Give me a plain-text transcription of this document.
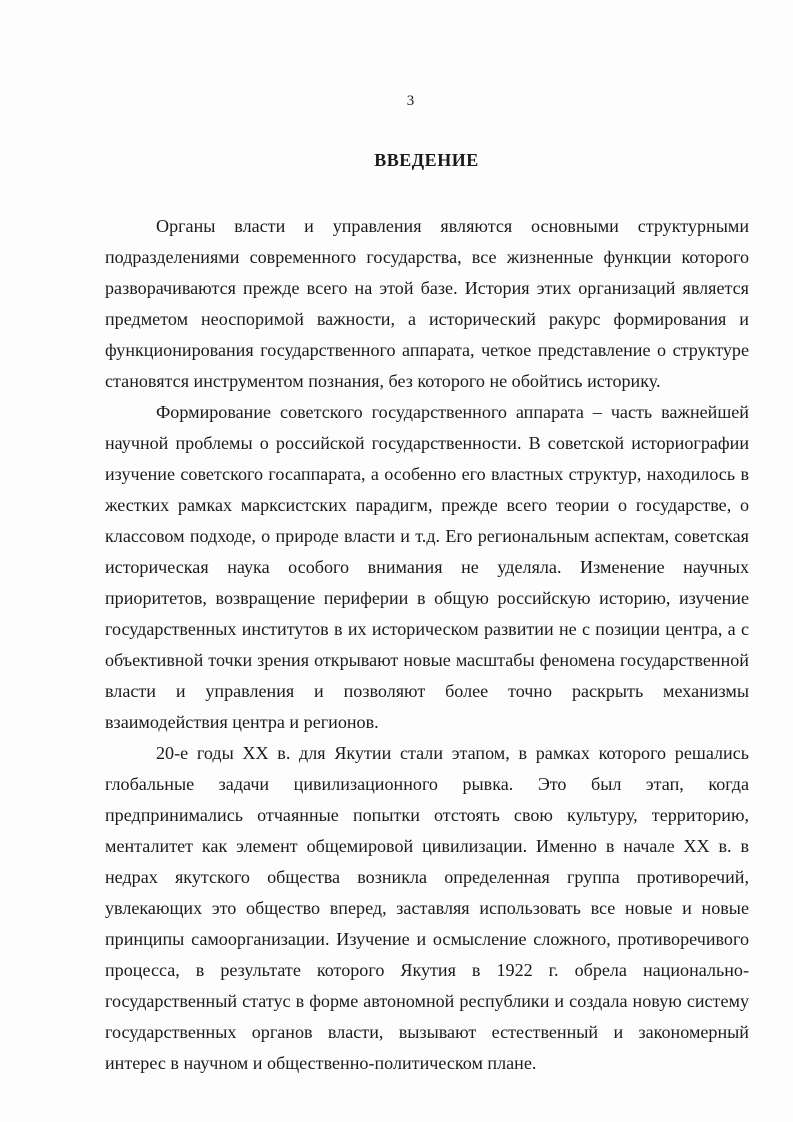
3
ВВЕДЕНИЕ

Органы власти и управления являются основными структурными подразделениями современного государства, все жизненные функции которого разворачиваются прежде всего на этой базе. История этих организаций является предметом неоспоримой важности, а исторический ракурс формирования и функционирования государственного аппарата, четкое представление о структуре становятся инструментом познания, без которого не обойтись историку.

Формирование советского государственного аппарата – часть важнейшей научной проблемы о российской государственности. В советской историографии изучение советского госаппарата, а особенно его властных структур, находилось в жестких рамках марксистских парадигм, прежде всего теории о государстве, о классовом подходе, о природе власти и т.д. Его региональным аспектам, советская историческая наука особого внимания не уделяла. Изменение научных приоритетов, возвращение периферии в общую российскую историю, изучение государственных институтов в их историческом развитии не с позиции центра, а с объективной точки зрения открывают новые масштабы феномена государственной власти и управления и позволяют более точно раскрыть механизмы взаимодействия центра и регионов.

20-е годы XX в. для Якутии стали этапом, в рамках которого решались глобальные задачи цивилизационного рывка. Это был этап, когда предпринимались отчаянные попытки отстоять свою культуру, территорию, менталитет как элемент общемировой цивилизации. Именно в начале XX в. в недрах якутского общества возникла определенная группа противоречий, увлекающих это общество вперед, заставляя использовать все новые и новые принципы самоорганизации. Изучение и осмысление сложного, противоречивого процесса, в результате которого Якутия в 1922 г. обрела национально-государственный статус в форме автономной республики и создала новую систему государственных органов власти, вызывают естественный и закономерный интерес в научном и общественно-политическом плане.
